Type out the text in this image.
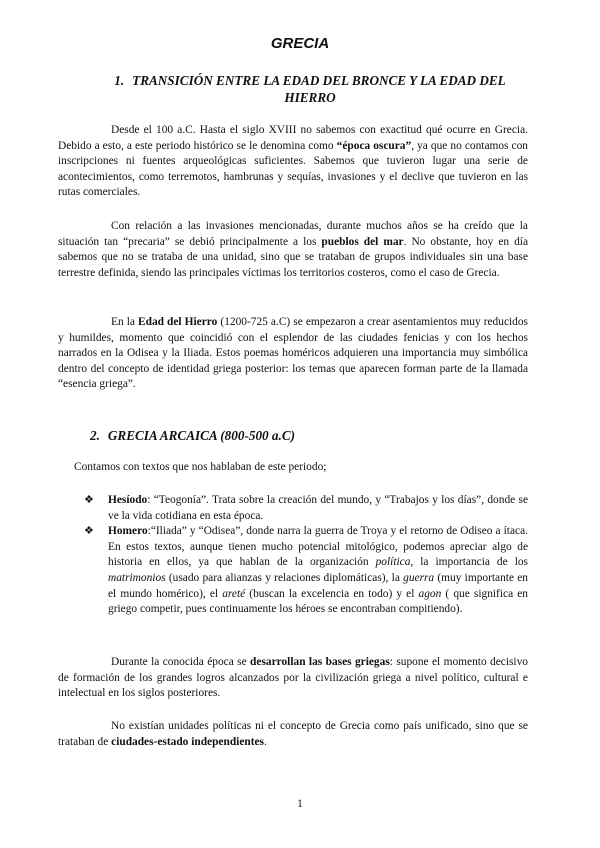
GRECIA
1. TRANSICIÓN ENTRE LA EDAD DEL BRONCE Y LA EDAD DEL HIERRO

Desde el 100 a.C. Hasta el siglo XVIII no sabemos con exactitud qué ocurre en Grecia. Debido a esto, a este periodo histórico se le denomina como “época oscura”, ya que no contamos con inscripciones ni fuentes arqueológicas suficientes. Sabemos que tuvieron lugar una serie de acontecimientos, como terremotos, hambrunas y sequías, invasiones y el declive que tuvieron en las rutas comerciales.

Con relación a las invasiones mencionadas, durante muchos años se ha creído que la situación tan “precaria” se debió principalmente a los pueblos del mar. No obstante, hoy en día sabemos que no se trataba de una unidad, sino que se trataban de grupos individuales sin una base terrestre definida, siendo las principales víctimas los territorios costeros, como el caso de Grecia.

En la Edad del Hierro (1200-725 a.C) se empezaron a crear asentamientos muy reducidos y humildes, momento que coincidió con el esplendor de las ciudades fenicias y con los hechos narrados en la Odisea y la Iliada. Estos poemas homéricos adquieren una importancia muy simbólica dentro del concepto de identidad griega posterior: los temas que aparecen forman parte de la llamada “esencia griega”.

2. GRECIA ARCAICA (800-500 a.C)

Contamos con textos que nos hablaban de este periodo;

❖ Hesíodo: “Teogonía”. Trata sobre la creación del mundo, y “Trabajos y los días”, donde se ve la vida cotidiana en esta época.
❖ Homero:“Iliada” y “Odisea”, donde narra la guerra de Troya y el retorno de Odiseo a ítaca. En estos textos, aunque tienen mucho potencial mitológico, podemos apreciar algo de historia en ellos, ya que hablan de la organización política, la importancia de los matrimonios (usado para alianzas y relaciones diplomáticas), la guerra (muy importante en el mundo homérico), el areté (buscan la excelencia en todo) y el agon ( que significa en griego competir, pues continuamente los héroes se encontraban compitiendo).

Durante la conocida época se desarrollan las bases griegas: supone el momento decisivo de formación de los grandes logros alcanzados por la civilización griega a nivel político, cultural e intelectual en los siglos posteriores.

No existían unidades políticas ni el concepto de Grecia como país unificado, sino que se trataban de ciudades-estado independientes.

1
